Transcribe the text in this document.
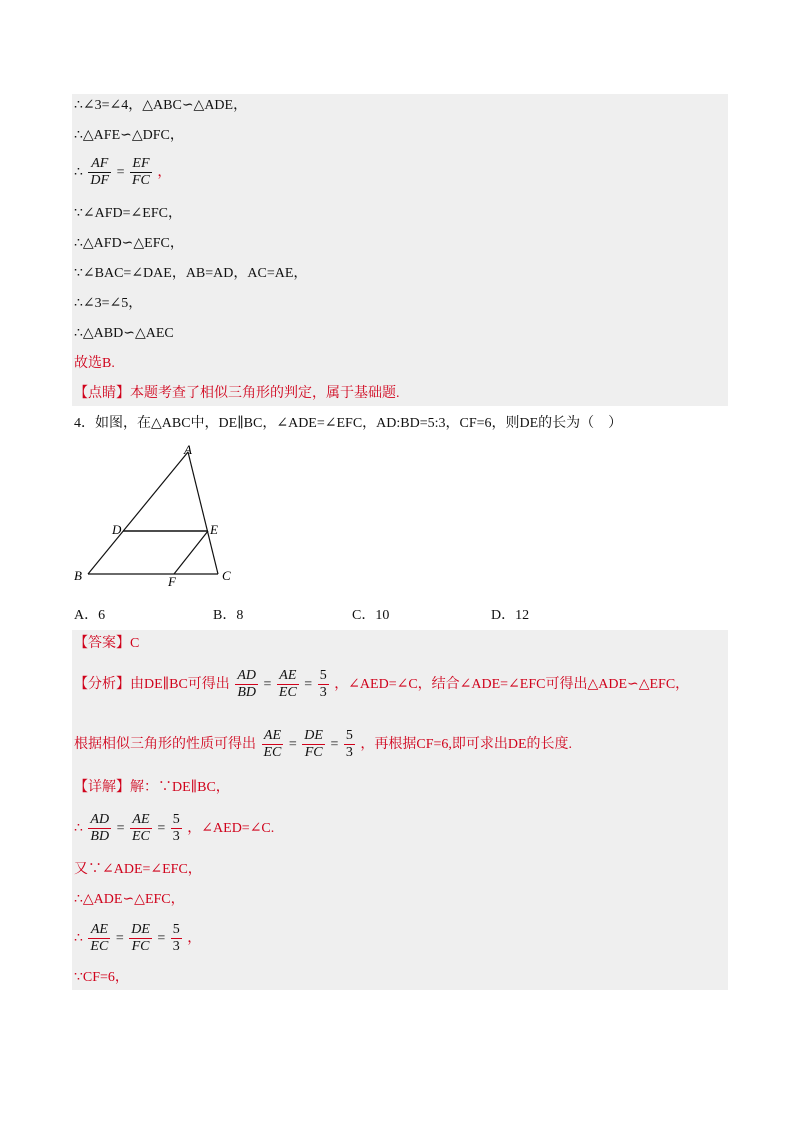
∴∠3=∠4，△ABC∽△ADE，
∴△AFE∽△DFC，
∴ $\frac{AF}{DF} = \frac{EF}{FC}$ ，
∵∠AFD=∠EFC，
∴△AFD∽△EFC，
∵∠BAC=∠DAE，AB=AD，AC=AE，
∴∠3=∠5，
∴△ABD∽△AEC
故选B.
【点睛】本题考查了相似三角形的判定，属于基础题.
4．如图，在△ABC中，DE∥BC，∠ADE=∠EFC，AD:BD=5:3，CF=6，则DE的长为（　）
A
D	E
B	F	C
A．6	B．8	C．10	D．12
【答案】C
【分析】由DE∥BC可得出 $\frac{AD}{BD} = \frac{AE}{EC} = \frac{5}{3}$ ，∠AED=∠C，结合∠ADE=∠EFC可得出△ADE∽△EFC，
根据相似三角形的性质可得出 $\frac{AE}{EC} = \frac{DE}{FC} = \frac{5}{3}$ ，再根据CF=6,即可求出DE的长度.
【详解】解：∵DE∥BC，
∴ $\frac{AD}{BD} = \frac{AE}{EC} = \frac{5}{3}$ ，∠AED=∠C.
又∵∠ADE=∠EFC，
∴△ADE∽△EFC，
∴ $\frac{AE}{EC} = \frac{DE}{FC} = \frac{5}{3}$ ，
∵CF=6，
